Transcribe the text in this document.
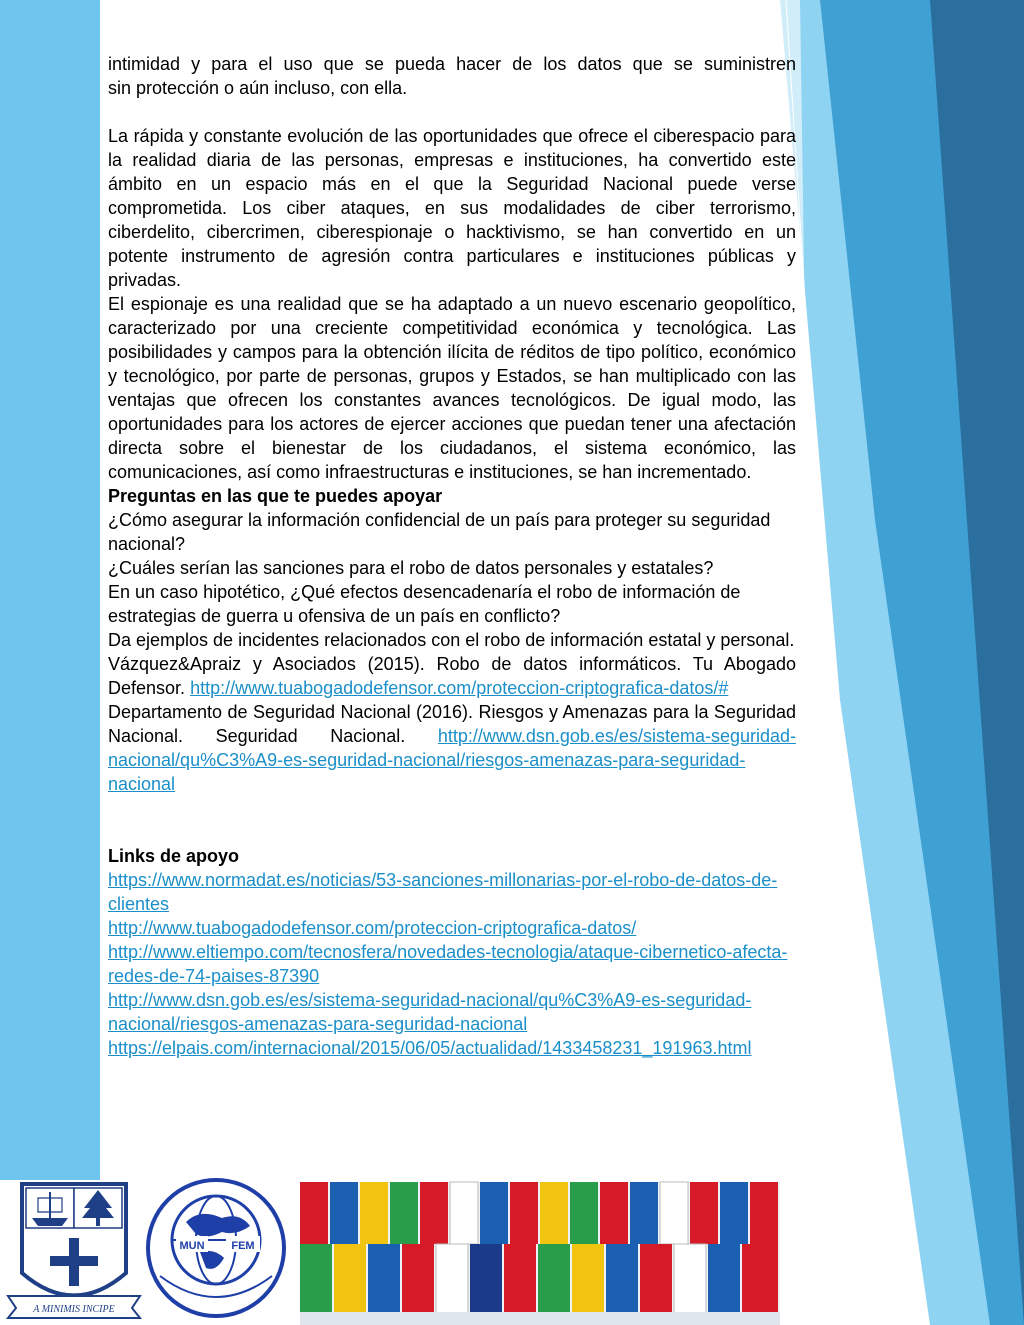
intimidad y para el uso que se pueda hacer de los datos que se suministren

sin protección o aún incluso, con ella.

La rápida y constante evolución de las oportunidades que ofrece el ciberespacio para la realidad diaria de las personas, empresas e instituciones, ha convertido este ámbito en un espacio más en el que la Seguridad Nacional puede verse comprometida. Los ciber ataques, en sus modalidades de ciber terrorismo, ciberdelito, cibercrimen, ciberespionaje o hacktivismo, se han convertido en un potente instrumento de agresión contra particulares e instituciones públicas y privadas.

El espionaje es una realidad que se ha adaptado a un nuevo escenario geopolítico, caracterizado por una creciente competitividad económica y tecnológica. Las posibilidades y campos para la obtención ilícita de réditos de tipo político, económico y tecnológico, por parte de personas, grupos y Estados, se han multiplicado con las ventajas que ofrecen los constantes avances tecnológicos. De igual modo, las oportunidades para los actores de ejercer acciones que puedan tener una afectación directa sobre el bienestar de los ciudadanos, el sistema económico, las comunicaciones, así como infraestructuras e instituciones, se han incrementado.

Preguntas en las que te puedes apoyar

¿Cómo asegurar la información confidencial de un país para proteger su seguridad nacional?

¿Cuáles serían las sanciones para el robo de datos personales y estatales?

En un caso hipotético, ¿Qué efectos desencadenaría el robo de información de estrategias de guerra u ofensiva de un país en conflicto?

Da ejemplos de incidentes relacionados con el robo de información estatal y personal.

Vázquez&Apraiz y Asociados (2015). Robo de datos informáticos. Tu Abogado Defensor. http://www.tuabogadodefensor.com/proteccion-criptografica-datos/#

Departamento de Seguridad Nacional (2016). Riesgos y Amenazas para la Seguridad Nacional. Seguridad Nacional. http://www.dsn.gob.es/es/sistema-seguridad-nacional/qu%C3%A9-es-seguridad-nacional/riesgos-amenazas-para-seguridad-nacional

Links de apoyo

https://www.normadat.es/noticias/53-sanciones-millonarias-por-el-robo-de-datos-de-clientes
http://www.tuabogadodefensor.com/proteccion-criptografica-datos/
http://www.eltiempo.com/tecnosfera/novedades-tecnologia/ataque-cibernetico-afecta-redes-de-74-paises-87390
http://www.dsn.gob.es/es/sistema-seguridad-nacional/qu%C3%A9-es-seguridad-nacional/riesgos-amenazas-para-seguridad-nacional
https://elpais.com/internacional/2015/06/05/actualidad/1433458231_191963.html
A MINIMIS INCIPE
MUN FEM
